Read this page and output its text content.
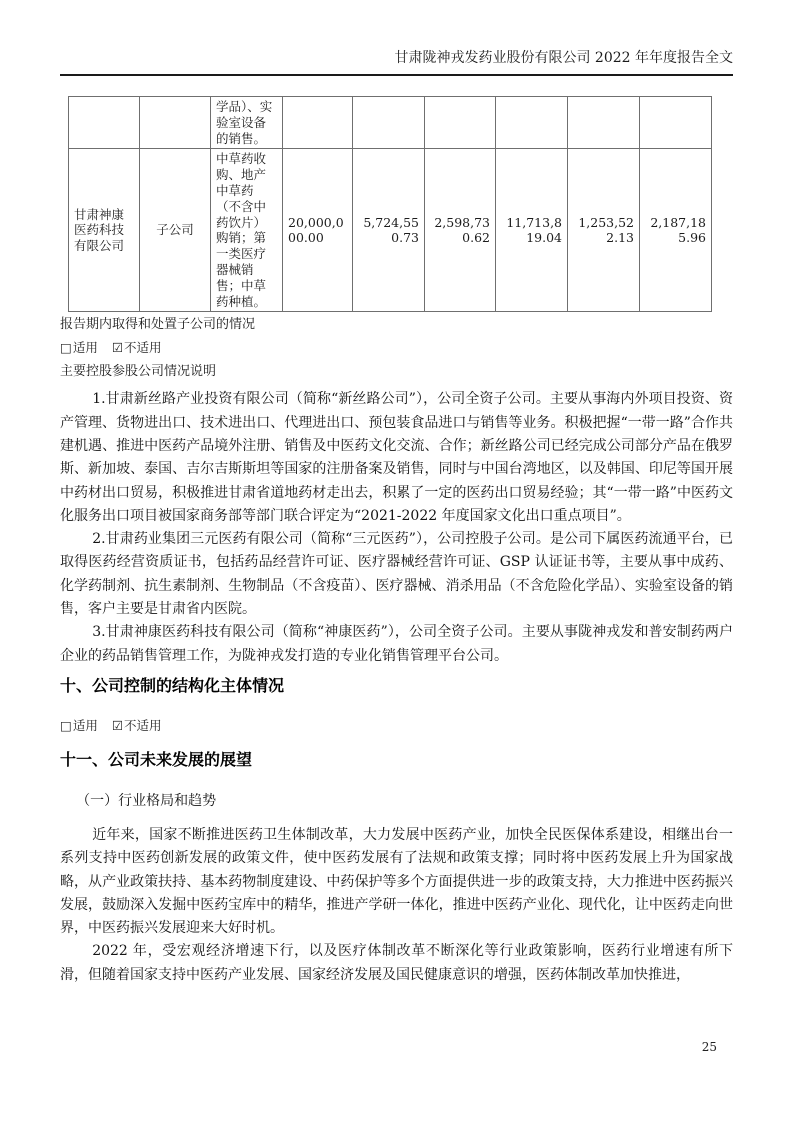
甘肃陇神戎发药业股份有限公司 2022 年年度报告全文
		学品）、实验室设备的销售。						
甘肃神康医药科技有限公司	子公司	中草药收购、地产中草药（不含中药饮片）购销；第一类医疗器械销售；中草药种植。	20,000,000.00	5,724,550.73	2,598,730.62	11,713,819.04	1,253,522.13	2,187,185.96
报告期内取得和处置子公司的情况
□适用 ☑不适用
主要控股参股公司情况说明

1.甘肃新丝路产业投资有限公司（简称“新丝路公司”），公司全资子公司。主要从事海内外项目投资、资产管理、货物进出口、技术进出口、代理进出口、预包装食品进口与销售等业务。积极把握“一带一路”合作共建机遇、推进中医药产品境外注册、销售及中医药文化交流、合作；新丝路公司已经完成公司部分产品在俄罗斯、新加坡、泰国、吉尔吉斯斯坦等国家的注册备案及销售，同时与中国台湾地区，以及韩国、印尼等国开展中药材出口贸易，积极推进甘肃省道地药材走出去，积累了一定的医药出口贸易经验；其“一带一路”中医药文化服务出口项目被国家商务部等部门联合评定为“2021-2022 年度国家文化出口重点项目”。

2.甘肃药业集团三元医药有限公司（简称“三元医药”），公司控股子公司。是公司下属医药流通平台，已取得医药经营资质证书，包括药品经营许可证、医疗器械经营许可证、GSP 认证证书等，主要从事中成药、化学药制剂、抗生素制剂、生物制品（不含疫苗）、医疗器械、消杀用品（不含危险化学品）、实验室设备的销售，客户主要是甘肃省内医院。

3.甘肃神康医药科技有限公司（简称“神康医药”），公司全资子公司。主要从事陇神戎发和普安制药两户企业的药品销售管理工作，为陇神戎发打造的专业化销售管理平台公司。

十、公司控制的结构化主体情况
□适用 ☑不适用
十一、公司未来发展的展望
（一）行业格局和趋势

近年来，国家不断推进医药卫生体制改革，大力发展中医药产业，加快全民医保体系建设，相继出台一系列支持中医药创新发展的政策文件，使中医药发展有了法规和政策支撑；同时将中医药发展上升为国家战略，从产业政策扶持、基本药物制度建设、中药保护等多个方面提供进一步的政策支持，大力推进中医药振兴发展，鼓励深入发掘中医药宝库中的精华，推进产学研一体化，推进中医药产业化、现代化，让中医药走向世界，中医药振兴发展迎来大好时机。

2022 年，受宏观经济增速下行，以及医疗体制改革不断深化等行业政策影响，医药行业增速有所下滑，但随着国家支持中医药产业发展、国家经济发展及国民健康意识的增强，医药体制改革加快推进，

25
